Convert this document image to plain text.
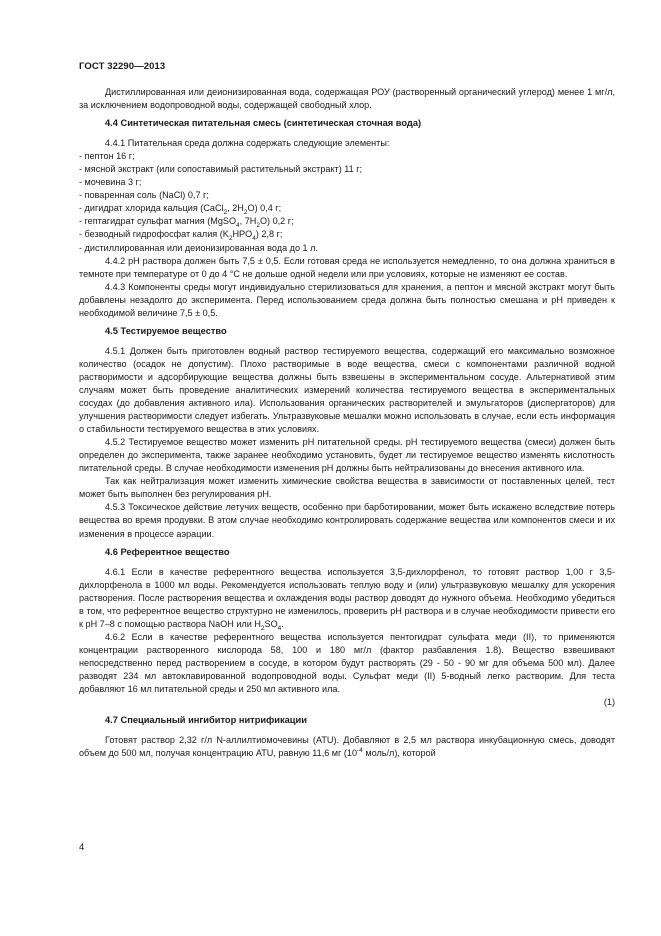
ГОСТ 32290—2013

Дистиллированная или деионизированная вода, содержащая РОУ (растворенный органический углерод) менее 1 мг/л, за исключением водопроводной воды, содержащей свободный хлор.

4.4 Синтетическая питательная смесь (синтетическая сточная вода)

4.4.1 Питательная среда должна содержать следующие элементы:

- пептон 16 г;

- мясной экстракт (или сопоставимый растительный экстракт) 11 г;

- мочевина 3 г;

- поваренная соль (NaCl) 0,7 г;

- дигидрат хлорида кальция (CaCl$_2$, $2H_2O$) 0,4 г;

- гептагидрат сульфат магния (MgSO$_4$, $7H_2O$) 0,2 г;

- безводный гидрофосфат калия $(K_2HPO_4)$ 2,8 г;

- дистиллированная или деионизированная вода до 1 л.

4.4.2 pH раствора должен быть 7,5 ± 0,5. Если готовая среда не используется немедленно, то она должна храниться в темноте при температуре от 0 до 4 °C не дольше одной недели или при условиях, которые не изменяют ее состав.

4.4.3 Компоненты среды могут индивидуально стерилизоваться для хранения, а пептон и мясной экстракт могут быть добавлены незадолго до эксперимента. Перед использованием среда должна быть полностью смешана и pH приведен к необходимой величине 7,5 ± 0,5.

4.5 Тестируемое вещество

4.5.1 Должен быть приготовлен водный раствор тестируемого вещества, содержащий его максимально возможное количество (осадок не допустим). Плохо растворимые в воде вещества, смеси с компонентами различной водной растворимости и адсорбирующие вещества должны быть взвешены в экспериментальном сосуде. Альтернативой этим случаям может быть проведение аналитических измерений количества тестируемого вещества в экспериментальных сосудах (до добавления активного ила). Использования органических растворителей и эмульгаторов (диспергаторов) для улучшения растворимости следует избегать. Ультразвуковые мешалки можно использовать в случае, если есть информация о стабильности тестируемого вещества в этих условиях.

4.5.2 Тестируемое вещество может изменить pH питательной среды. pH тестируемого вещества (смеси) должен быть определен до эксперимента, также заранее необходимо установить, будет ли тестируемое вещество изменять кислотность питательной среды. В случае необходимости изменения pH должны быть нейтрализованы до внесения активного ила.

Так как нейтрализация может изменить химические свойства вещества в зависимости от поставленных целей, тест может быть выполнен без регулирования pH.

4.5.3 Токсическое действие летучих веществ, особенно при барботировании, может быть искажено вследствие потерь вещества во время продувки. В этом случае необходимо контролировать содержание вещества или компонентов смеси и их изменения в процессе аэрации.

4.6 Референтное вещество

4.6.1 Если в качестве референтного вещества используется 3,5-дихлорфенол, то готовят раствор 1,00 г 3,5-дихлорфенола в 1000 мл воды. Рекомендуется использовать теплую воду и (или) ультразвуковую мешалку для ускорения растворения. После растворения вещества и охлаждения воды раствор доводят до нужного объема. Необходимо убедиться в том, что референтное вещество структурно не изменилось, проверить pH раствора и в случае необходимости привести его к pH 7–8 с помощью раствора NaOH или $H_2SO_4$.

4.6.2 Если в качестве референтного вещества используется пентогидрат сульфата меди (II), то применяются концентрации растворенного кислорода 58, 100 и 180 мг/л (фактор разбавления 1.8). Вещество взвешивают непосредственно перед растворением в сосуде, в котором будут растворять (29 - 50 - 90 мг для объема 500 мл). Далее разводят 234 мл автоклавированной водопроводной воды. Сульфат меди (II) 5-водный легко растворим. Для теста добавляют 16 мл питательной среды и 250 мл активного ила.

(1)
4.7 Специальный ингибитор нитрификации

Готовят раствор 2,32 г/л N-аллилтиомочевины (ATU). Добавляют в 2,5 мл раствора инкубационную смесь, доводят объем до 500 мл, получая концентрацию ATU, равную 11,6 мг ($10^{-4}$ моль/л), которой

4
